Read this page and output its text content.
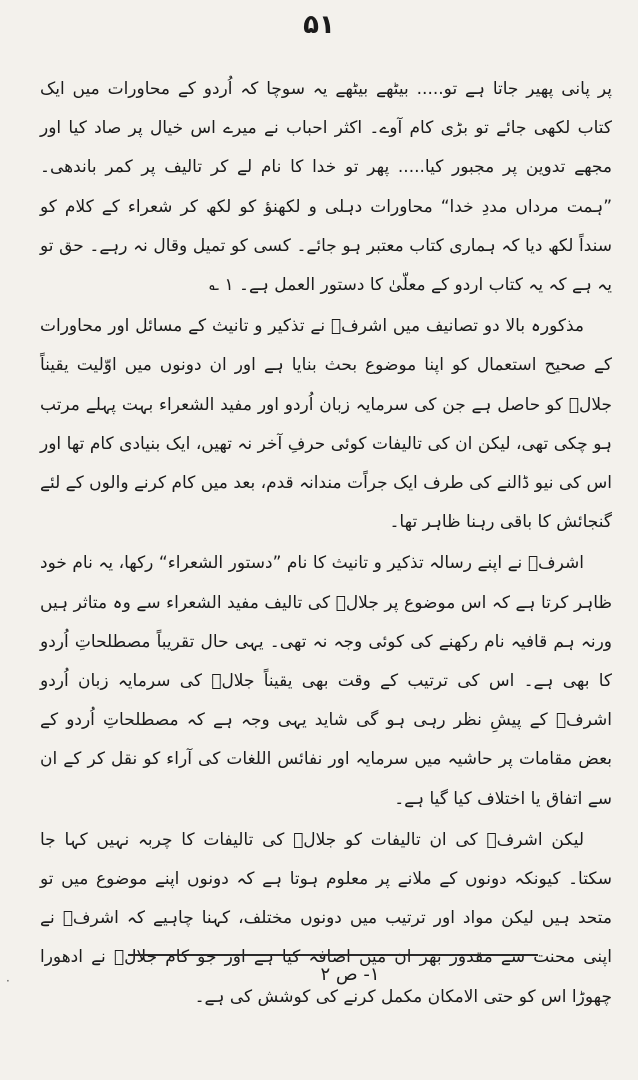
۵۱

پر پانی پھیر جاتا ہے تو..... بیٹھے بیٹھے یہ سوچا کہ اُردو کے محاورات میں ایک کتاب لکھی جائے تو بڑی کام آوے۔ اکثر احباب نے میرے اس خیال پر صاد کیا اور مجھے تدوین پر مجبور کیا..... پھر تو خدا کا نام لے کر تالیف پر کمر باندھی۔ ”ہمت مرداں مددِ خدا“ محاورات دہلی و لکھنؤ کو لکھ کر شعراء کے کلام کو سنداً لکھ دیا کہ ہماری کتاب معتبر ہو جائے۔ کسی کو تمیل وقال نہ رہے۔ حق تو یہ ہے کہ یہ کتاب اردو کے معلّیٰ کا دستور العمل ہے۔ ۱ ؎

مذکورہ بالا دو تصانیف میں اشرفؔ نے تذکیر و تانیث کے مسائل اور محاورات کے صحیح استعمال کو اپنا موضوع بحث بنایا ہے اور ان دونوں میں اوّلیت یقیناً جلالؔ کو حاصل ہے جن کی سرمایہ زبان اُردو اور مفید الشعراء بہت پہلے مرتب ہو چکی تھی، لیکن ان کی تالیفات کوئی حرفِ آخر نہ تھیں، ایک بنیادی کام تھا اور اس کی نیو ڈالنے کی طرف ایک جراًت مندانہ قدم، بعد میں کام کرنے والوں کے لئے گنجائش کا باقی رہنا ظاہر تھا۔

اشرفؔ نے اپنے رسالہ تذکیر و تانیث کا نام ”دستور الشعراء“ رکھا، یہ نام خود ظاہر کرتا ہے کہ اس موضوع پر جلالؔ کی تالیف مفید الشعراء سے وہ متاثر ہیں ورنہ ہم قافیہ نام رکھنے کی کوئی وجہ نہ تھی۔ یہی حال تقریباً مصطلحاتِ اُردو کا بھی ہے۔ اس کی ترتیب کے وقت بھی یقیناً جلالؔ کی سرمایہ زبان اُردو اشرفؔ کے پیشِ نظر رہی ہو گی شاید یہی وجہ ہے کہ مصطلحاتِ اُردو کے بعض مقامات پر حاشیہ میں سرمایہ اور نفائس اللغات کی آراء کو نقل کر کے ان سے اتفاق یا اختلاف کیا گیا ہے۔

لیکن اشرفؔ کی ان تالیفات کو جلالؔ کی تالیفات کا چربہ نہیں کہا جا سکتا۔ کیونکہ دونوں کے ملانے پر معلوم ہوتا ہے کہ دونوں اپنے موضوع میں تو متحد ہیں لیکن مواد اور ترتیب میں دونوں مختلف، کہنا چاہیے کہ اشرفؔ نے اپنی محنت سے مقدور بھر ان میں اضافہ کیا ہے اور جو کام جلالؔ نے ادھورا چھوڑا اس کو حتی الامکان مکمل کرنے کی کوشش کی ہے۔

۱- ص ۲
·
